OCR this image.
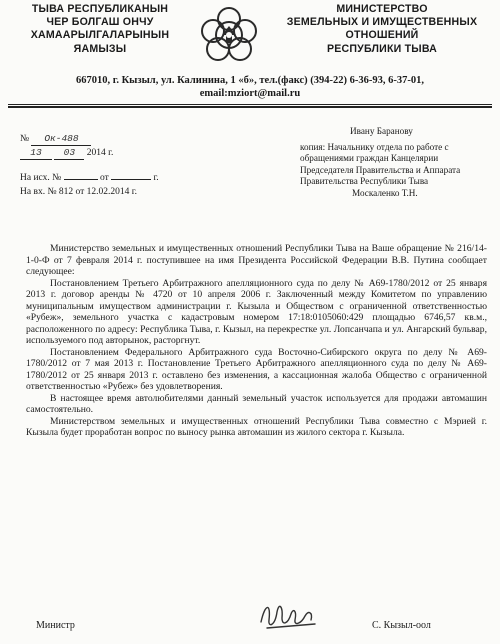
ТЫВА РЕСПУБЛИКАНЫН
ЧЕР БОЛГАШ ОНЧУ
ХАМААРЫЛГАЛАРЫНЫН
ЯАМЫЗЫ
МИНИСТЕРСТВО
ЗЕМЕЛЬНЫХ И ИМУЩЕСТВЕННЫХ
ОТНОШЕНИЙ
РЕСПУБЛИКИ ТЫВА
667010, г. Кызыл, ул. Калинина, 1 «б», тел.(факс) (394-22) 6-36-93, 6-37-01,
email:mziort@mail.ru
№ Ок-488
13 03 2014 г.
На исх. №	от	г.
На вх. № 812 от 12.02.2014 г.
Ивану Баранову
копия: Начальнику отдела по работе с
обращениями граждан Канцелярии
Председателя Правительства и Аппарата
Правительства Республики Тыва
Москаленко Т.Н.

Министерство земельных и имущественных отношений Республики Тыва на Ваше обращение № 216/14-1-0-Ф от 7 февраля 2014 г. поступившее на имя Президента Российской Федерации В.В. Путина сообщает следующее:

Постановлением Третьего Арбитражного апелляционного суда по делу № А69-1780/2012 от 25 января 2013 г. договор аренды № 4720 от 10 апреля 2006 г. Заключенный между Комитетом по управлению муниципальным имуществом администрации г. Кызыла и Обществом с ограниченной ответственностью «Рубеж», земельного участка с кадастровым номером 17:18:0105060:429 площадью 6746,57 кв.м., расположенного по адресу: Республика Тыва, г. Кызыл, на перекрестке ул. Лопсанчапа и ул. Ангарский бульвар, используемого под авторынок, расторгнут.

Постановлением Федерального Арбитражного суда Восточно-Сибирского округа по делу № А69-1780/2012 от 7 мая 2013 г. Постановление Третьего Арбитражного апелляционного суда по делу № А69-1780/2012 от 25 января 2013 г. оставлено без изменения, а кассационная жалоба Общество с ограниченной ответственностью «Рубеж» без удовлетворения.

В настоящее время автолюбителями данный земельный участок используется для продажи автомашин самостоятельно.

Министерством земельных и имущественных отношений Республики Тыва совместно с Мэрией г. Кызыла будет проработан вопрос по выносу рынка автомашин из жилого сектора г. Кызыла.

Министр	С. Кызыл-оол
